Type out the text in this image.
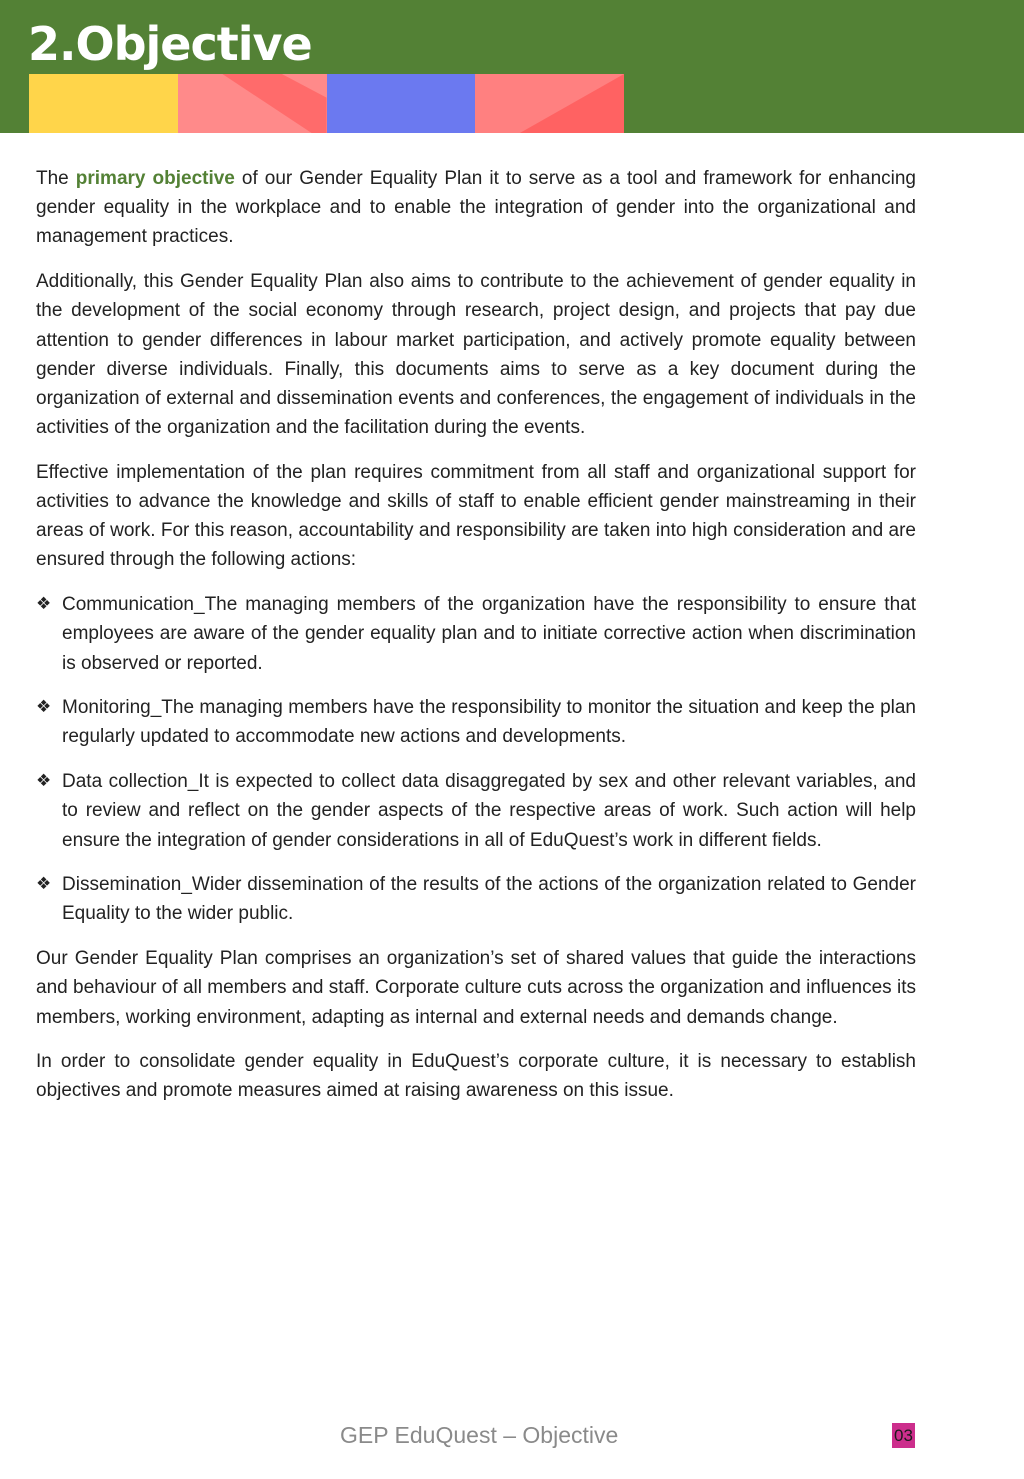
2.Objective

The primary objective of our Gender Equality Plan it to serve as a tool and framework for enhancing gender equality in the workplace and to enable the integration of gender into the organizational and management practices.

Additionally, this Gender Equality Plan also aims to contribute to the achievement of gender equality in the development of the social economy through research, project design, and projects that pay due attention to gender differences in labour market participation, and actively promote equality between gender diverse individuals. Finally, this documents aims to serve as a key document during the organization of external and dissemination events and conferences, the engagement of individuals in the activities of the organization and the facilitation during the events.

Effective implementation of the plan requires commitment from all staff and organizational support for activities to advance the knowledge and skills of staff to enable efficient gender mainstreaming in their areas of work. For this reason, accountability and responsibility are taken into high consideration and are ensured through the following actions:

❖ Communication_The managing members of the organization have the responsibility to ensure that employees are aware of the gender equality plan and to initiate corrective action when discrimination is observed or reported.
❖ Monitoring_The managing members have the responsibility to monitor the situation and keep the plan regularly updated to accommodate new actions and developments.
❖ Data collection_It is expected to collect data disaggregated by sex and other relevant variables, and to review and reflect on the gender aspects of the respective areas of work. Such action will help ensure the integration of gender considerations in all of EduQuest’s work in different fields.
❖ Dissemination_Wider dissemination of the results of the actions of the organization related to Gender Equality to the wider public.

Our Gender Equality Plan comprises an organization’s set of shared values that guide the interactions and behaviour of all members and staff. Corporate culture cuts across the organization and influences its members, working environment, adapting as internal and external needs and demands change.

In order to consolidate gender equality in EduQuest’s corporate culture, it is necessary to establish objectives and promote measures aimed at raising awareness on this issue.

GEP EduQuest – Objective	03
